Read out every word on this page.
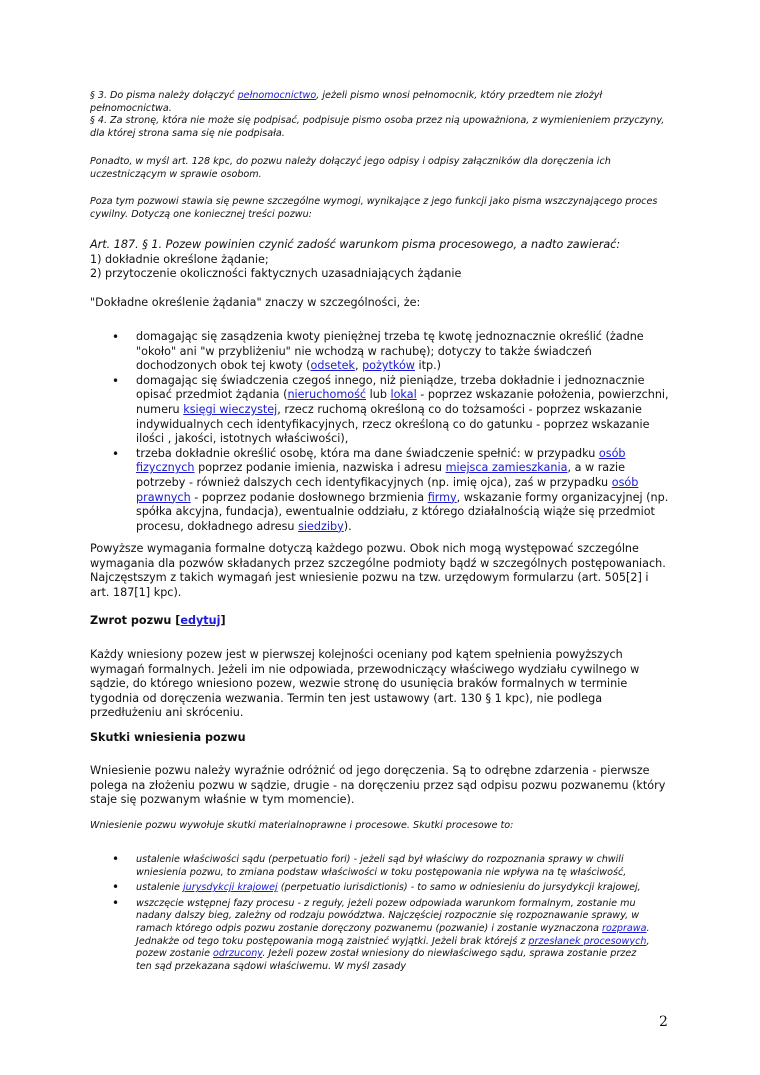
§ 3. Do pisma należy dołączyć pełnomocnictwo, jeżeli pismo wnosi pełnomocnik, który przedtem nie złożył pełnomocnictwa.

§ 4. Za stronę, która nie może się podpisać, podpisuje pismo osoba przez nią upoważniona, z wymienieniem przyczyny, dla której strona sama się nie podpisała.

Ponadto, w myśl art. 128 kpc, do pozwu należy dołączyć jego odpisy i odpisy załączników dla doręczenia ich uczestniczącym w sprawie osobom.
Poza tym pozwowi stawia się pewne szczególne wymogi, wynikające z jego funkcji jako pisma wszczynającego proces cywilny. Dotyczą one koniecznej treści pozwu:

Art. 187. § 1. Pozew powinien czynić zadość warunkom pisma procesowego, a nadto zawierać:

1) dokładnie określone żądanie;

2) przytoczenie okoliczności faktycznych uzasadniających żądanie

"Dokładne określenie żądania" znaczy w szczególności, że:
• domagając się zasądzenia kwoty pieniężnej trzeba tę kwotę jednoznacznie określić (żadne "około" ani "w przybliżeniu" nie wchodzą w rachubę); dotyczy to także świadczeń dochodzonych obok tej kwoty (odsetek, pożytków itp.)
• domagając się świadczenia czegoś innego, niż pieniądze, trzeba dokładnie i jednoznacznie opisać przedmiot żądania (nieruchomość lub lokal - poprzez wskazanie położenia, powierzchni, numeru księgi wieczystej, rzecz ruchomą określoną co do tożsamości - poprzez wskazanie indywidualnych cech identyfikacyjnych, rzecz określoną co do gatunku - poprzez wskazanie ilości , jakości, istotnych właściwości),
• trzeba dokładnie określić osobę, która ma dane świadczenie spełnić: w przypadku osób fizycznych poprzez podanie imienia, nazwiska i adresu miejsca zamieszkania, a w razie potrzeby - również dalszych cech identyfikacyjnych (np. imię ojca), zaś w przypadku osób prawnych - poprzez podanie dosłownego brzmienia firmy, wskazanie formy organizacyjnej (np. spółka akcyjna, fundacja), ewentualnie oddziału, z którego działalnością wiąże się przedmiot procesu, dokładnego adresu siedziby).
Powyższe wymagania formalne dotyczą każdego pozwu. Obok nich mogą występować szczególne wymagania dla pozwów składanych przez szczególne podmioty bądź w szczególnych postępowaniach. Najczęstszym z takich wymagań jest wniesienie pozwu na tzw. urzędowym formularzu (art. 505[2] i art. 187[1] kpc).
Zwrot pozwu [edytuj]
Każdy wniesiony pozew jest w pierwszej kolejności oceniany pod kątem spełnienia powyższych wymagań formalnych. Jeżeli im nie odpowiada, przewodniczący właściwego wydziału cywilnego w sądzie, do którego wniesiono pozew, wezwie stronę do usunięcia braków formalnych w terminie tygodnia od doręczenia wezwania. Termin ten jest ustawowy (art. 130 § 1 kpc), nie podlega przedłużeniu ani skróceniu.
Skutki wniesienia pozwu
Wniesienie pozwu należy wyraźnie odróżnić od jego doręczenia. Są to odrębne zdarzenia - pierwsze polega na złożeniu pozwu w sądzie, drugie - na doręczeniu przez sąd odpisu pozwu pozwanemu (który staje się pozwanym właśnie w tym momencie).
Wniesienie pozwu wywołuje skutki materialnoprawne i procesowe. Skutki procesowe to:
• ustalenie właściwości sądu (perpetuatio fori) - jeżeli sąd był właściwy do rozpoznania sprawy w chwili wniesienia pozwu, to zmiana podstaw właściwości w toku postępowania nie wpływa na tę właściwość,
• ustalenie jurysdykcji krajowej (perpetuatio iurisdictionis) - to samo w odniesieniu do jursydykcji krajowej,
• wszczęcie wstępnej fazy procesu - z reguły, jeżeli pozew odpowiada warunkom formalnym, zostanie mu nadany dalszy bieg, zależny od rodzaju powództwa. Najczęściej rozpocznie się rozpoznawanie sprawy, w ramach którego odpis pozwu zostanie doręczony pozwanemu (pozwanie) i zostanie wyznaczona rozprawa. Jednakże od tego toku postępowania mogą zaistnieć wyjątki. Jeżeli brak którejś z przesłanek procesowych, pozew zostanie odrzucony. Jeżeli pozew został wniesiony do niewłaściwego sądu, sprawa zostanie przez ten sąd przekazana sądowi właściwemu. W myśl zasady
2
